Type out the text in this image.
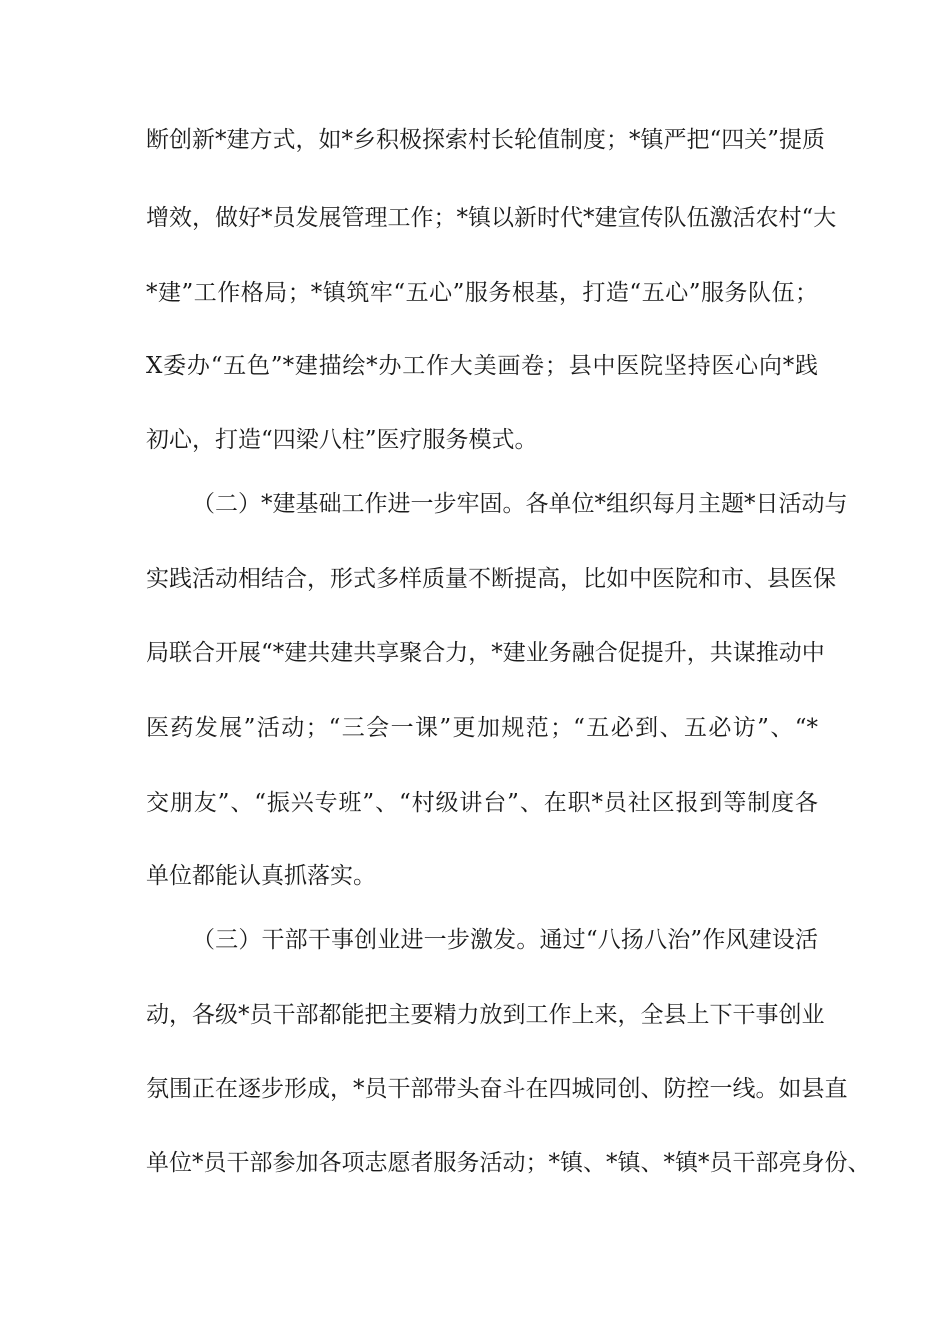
断创新*建方式，如*乡积极探索村长轮值制度；*镇严把“四关”提质
增效，做好*员发展管理工作；*镇以新时代*建宣传队伍激活农村“大
*建”工作格局；*镇筑牢“五心”服务根基，打造“五心”服务队伍；
X委办“五色”*建描绘*办工作大美画卷；县中医院坚持医心向*践
初心，打造“四梁八柱”医疗服务模式。
（二）*建基础工作进一步牢固。各单位*组织每月主题*日活动与
实践活动相结合，形式多样质量不断提高，比如中医院和市、县医保
局联合开展“*建共建共享聚合力，*建业务融合促提升，共谋推动中
医药发展”活动；“三会一课”更加规范；“五必到、五必访”、“*
交朋友”、“振兴专班”、“村级讲台”、在职*员社区报到等制度各
单位都能认真抓落实。
（三）干部干事创业进一步激发。通过“八扬八治”作风建设活
动，各级*员干部都能把主要精力放到工作上来，全县上下干事创业
氛围正在逐步形成，*员干部带头奋斗在四城同创、防控一线。如县直
单位*员干部参加各项志愿者服务活动；*镇、*镇、*镇*员干部亮身份、
